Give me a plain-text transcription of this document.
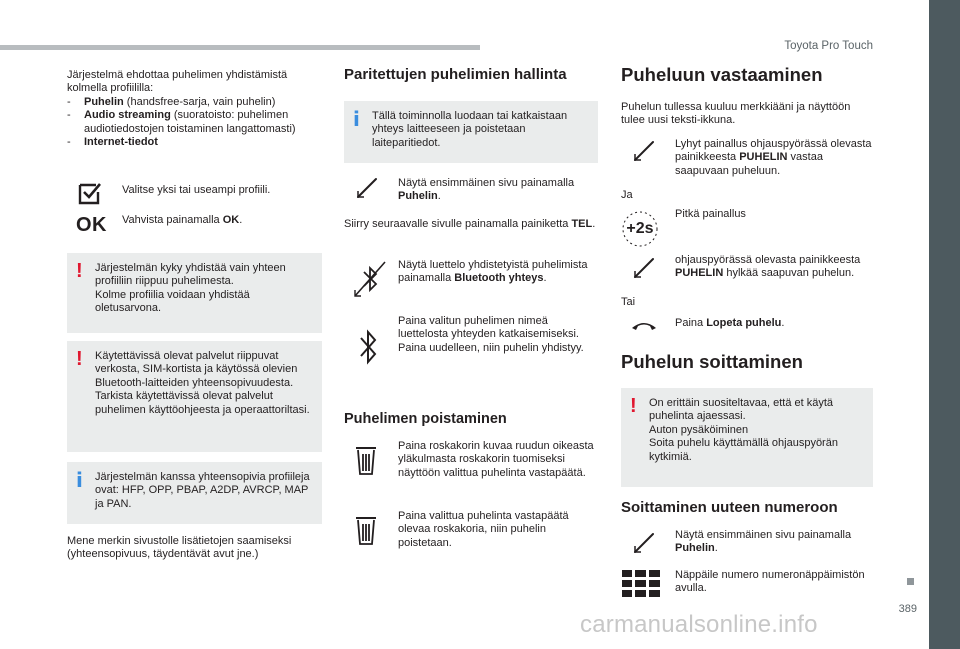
Toyota Pro Touch
389

Järjestelmä ehdottaa puhelimen yhdistämistä kolmella profiililla:

- Puhelin (handsfree-sarja, vain puhelin)
- Audio streaming (suoratoisto: puhelimen audiotiedostojen toistaminen langattomasti)
- Internet-tiedot

Valitse yksi tai useampi profiili.

OK Vahvista painamalla OK.

! Järjestelmän kyky yhdistää vain yhteen profiiliin riippuu puhelimesta.

Kolme profiilia voidaan yhdistää oletusarvona.

! Käytettävissä olevat palvelut riippuvat verkosta, SIM-kortista ja käytössä olevien Bluetooth-laitteiden yhteensopivuudesta.

Tarkista käytettävissä olevat palvelut puhelimen käyttöohjeesta ja operaattoriltasi.

i Järjestelmän kanssa yhteensopivia profiileja ovat: HFP, OPP, PBAP, A2DP, AVRCP, MAP ja PAN.

Mene merkin sivustolle lisätietojen saamiseksi (yhteensopivuus, täydentävät avut jne.)

Paritettujen puhelimien hallinta
i Tällä toiminnolla luodaan tai katkaistaan yhteys laitteeseen ja poistetaan laiteparitiedot.

Näytä ensimmäinen sivu painamalla Puhelin.

Siirry seuraavalle sivulle painamalla painiketta TEL.

Näytä luettelo yhdistetyistä puhelimista painamalla Bluetooth yhteys.

Paina valitun puhelimen nimeä luettelosta yhteyden katkaisemiseksi.

Paina uudelleen, niin puhelin yhdistyy.

Puhelimen poistaminen

Paina roskakorin kuvaa ruudun oikeasta yläkulmasta roskakorin tuomiseksi näyttöön valittua puhelinta vastapäätä.

Paina valittua puhelinta vastapäätä olevaa roskakoria, niin puhelin poistetaan.

Puheluun vastaaminen

Puhelun tullessa kuuluu merkkiääni ja näyttöön tulee uusi teksti-ikkuna.

Lyhyt painallus ohjauspyörässä olevasta painikkeesta PUHELIN vastaa saapuvaan puheluun.

Ja

+2s

Pitkä painallus

ohjauspyörässä olevasta painikkeesta PUHELIN hylkää saapuvan puhelun.

Tai

Paina Lopeta puhelu.

Puhelun soittaminen
! On erittäin suositeltavaa, että et käytä puhelinta ajaessasi.

Auton pysäköiminen

Soita puhelu käyttämällä ohjauspyörän kytkimiä.

Soittaminen uuteen numeroon

Näytä ensimmäinen sivu painamalla Puhelin.

Näppäile numero numeronäppäimistön avulla.

carmanualsonline.info
